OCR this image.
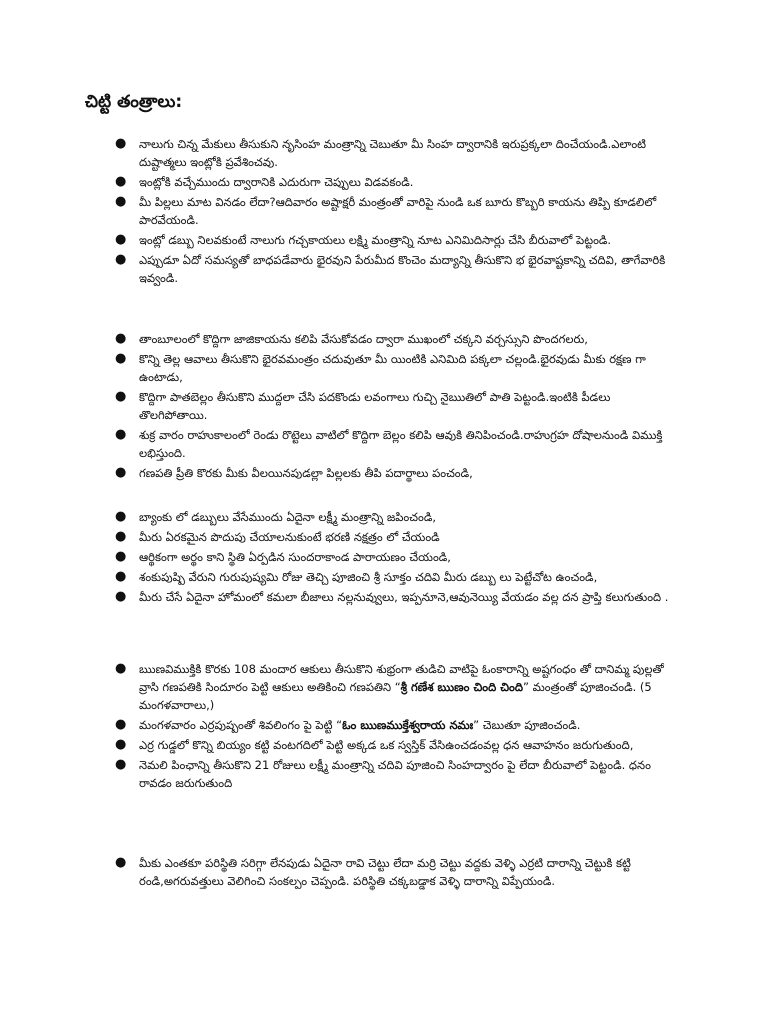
చిట్టి తంత్రాలు:
● నాలుగు చిన్న మేకులు తీసుకుని నృసింహ మంత్రాన్ని చెబుతూ మీ సింహ ద్వారానికి ఇరుప్రక్కలా దించేయండి.ఎలాంటి దుష్టాత్మలు ఇంట్లోకి ప్రవేశించవు.
● ఇంట్లోకి వచ్చేముందు ద్వారానికి ఎదురుగా చెప్పులు విడవకండి.
● మీ పిల్లలు మాట వినడం లేదా?ఆదివారం అష్టాక్షరీ మంత్రంతో వారిపై నుండి ఒక బూరు కొబ్బరి కాయను తిప్పి కూడలిలో పారవేయండి.
● ఇంట్లో డబ్బు నిలవకుంటే నాలుగు గచ్చకాయలు లక్ష్మి మంత్రాన్ని నూట ఎనిమిదిసార్లు చేసి బీరువాలో పెట్టండి.
● ఎప్పుడూ ఏదో సమస్యతో బాధపడేవారు భైరవుని పేరుమీద కొంచెం మద్యాన్ని తీసుకొని భ భైరవాష్టకాన్ని చదివి, తాగేవారికి ఇవ్వండి.
● తాంబూలంలో కొద్దిగా జాజికాయను కలిపి వేసుకోవడం ద్వారా ముఖంలో చక్కని వర్చస్సుని పొందగలరు,
● కొన్ని తెల్ల ఆవాలు తీసుకొని భైరవమంత్రం చదువుతూ మీ యింటికి ఎనిమిది పక్కలా చల్లండి.భైరవుడు మీకు రక్షణ గా ఉంటాడు,
● కొద్దిగా పాతబెల్లం తీసుకొని ముద్దలా చేసి పదకొండు లవంగాలు గుచ్చి నైఋతిలో పాతి పెట్టండి.ఇంటికి పీడలు తొలగిపోతాయి.
● శుక్ర వారం రాహుకాలంలో రెండు రొట్టెలు వాటిలో కొద్దిగా బెల్లం కలిపి ఆవుకి తినిపించండి.రాహుగ్రహ దోషాలనుండి విముక్తి లభిస్తుంది.
● గణపతి ప్రీతి కొరకు మీకు వీలయినపుడల్లా పిల్లలకు తీపి పదార్థాలు పంచండి,
● బ్యాంకు లో డబ్బులు వేసేముందు ఏదైనా లక్ష్మీ మంత్రాన్ని జపించండి,
● మీరు ఏరకమైన పొదుపు చేయాలనుకుంటే భరణి నక్షత్రం లో చేయండి
● ఆర్థికంగా అర్థం కాని స్థితి ఏర్పడిన సుందరాకాండ పారాయణం చేయండి,
● శంకుపుష్పి వేరుని గురుపుష్యమి రోజు తెచ్చి పూజించి శ్రీ సూక్తం చదివి మీరు డబ్బు లు పెట్టేచోట ఉంచండి,
● మీరు చేసే ఏదైనా హోమంలో కమలా బీజాలు నల్లనువ్వులు, ఇప్పనూనె,ఆవునెయ్యి వేయడం వల్ల దన ప్రాప్తి కలుగుతుంది .
● ఋణవిముక్తికి కొరకు 108 మందార ఆకులు తీసుకొని శుభ్రంగా తుడిచి వాటిపై ఓంకారాన్ని అష్టగంధం తో దానిమ్మ పుల్లతో వ్రాసి గణపతికి సిందూరం పెట్టి ఆకులు అతికించి గణపతిని “శ్రీ గణేశ ఋణం చింది చింది” మంత్రంతో పూజించండి. (5 మంగళవారాలు,)
● మంగళవారం ఎర్రపుష్పంతో శివలింగం పై పెట్టి “ఓం ఋణముక్తేశ్వరాయ నమః” చెబుతూ పూజించండి.
● ఎర్ర గుడ్డలో కొన్ని బియ్యం కట్టి వంటగదిలో పెట్టి అక్కడ ఒక స్వస్తిక్ వేసిఉంచడంవల్ల ధన ఆవాహనం జరుగుతుంది,
● నెమలి పింఛాన్ని తీసుకొని 21 రోజులు లక్ష్మీ మంత్రాన్ని చదివి పూజించి సింహద్వారం పై లేదా బీరువాలో పెట్టండి. ధనం రావడం జరుగుతుంది
● మీకు ఎంతకూ పరిస్థితి సరిగ్గా లేనపుడు ఏదైనా రావి చెట్టు లేదా మర్రి చెట్టు వద్దకు వెళ్ళి ఎర్రటి దారాన్ని చెట్టుకి కట్టి రండి,అగరువత్తులు వెలిగించి సంకల్పం చెప్పండి. పరిస్థితి చక్కబడ్డాక వెళ్ళి దారాన్ని విప్పేయండి.
